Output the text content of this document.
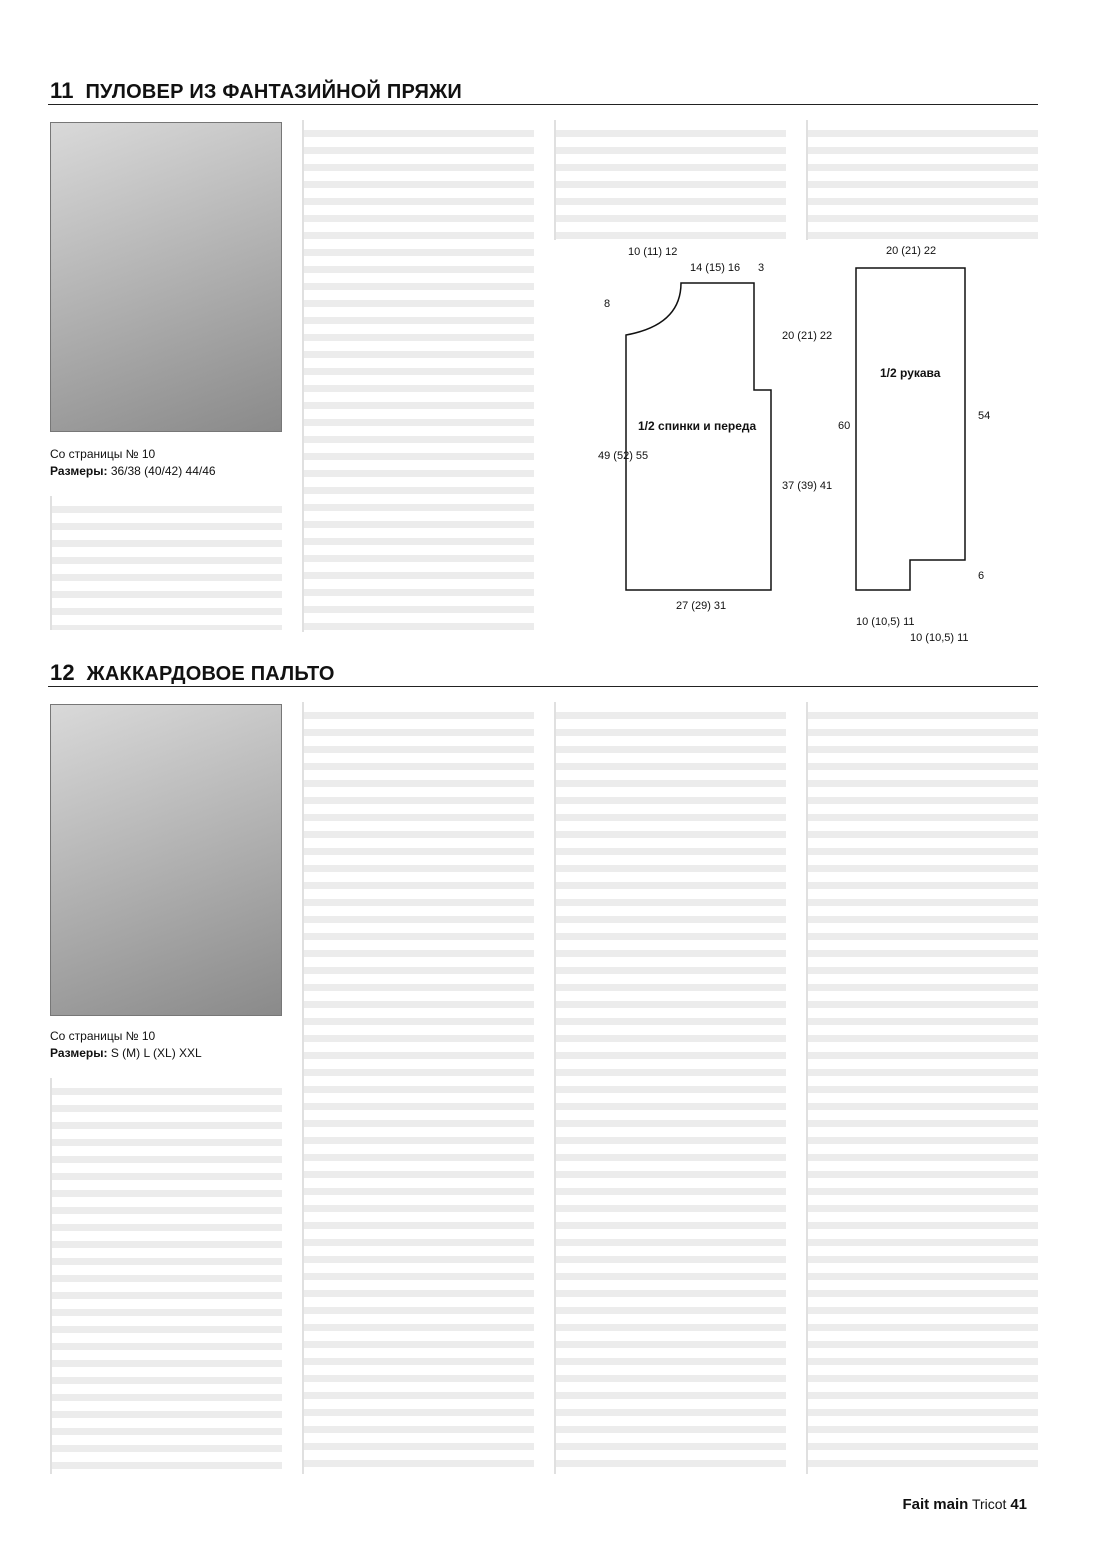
11 ПУЛОВЕР ИЗ ФАНТАЗИЙНОЙ ПРЯЖИ
Со страницы № 10
Размеры: 36/38 (40/42) 44/46
1/2 спинки и переда
10 (11) 12
14 (15) 16 3
8
20 (21) 22
49 (52) 55
37 (39) 41
27 (29) 31
1/2 рукава
20 (21) 22
60
54
6
10 (10,5) 11
10 (10,5) 11
12 ЖАККАРДОВОЕ ПАЛЬТО
Со страницы № 10
Размеры: S (M) L (XL) XXL
Fait main Tricot 41
